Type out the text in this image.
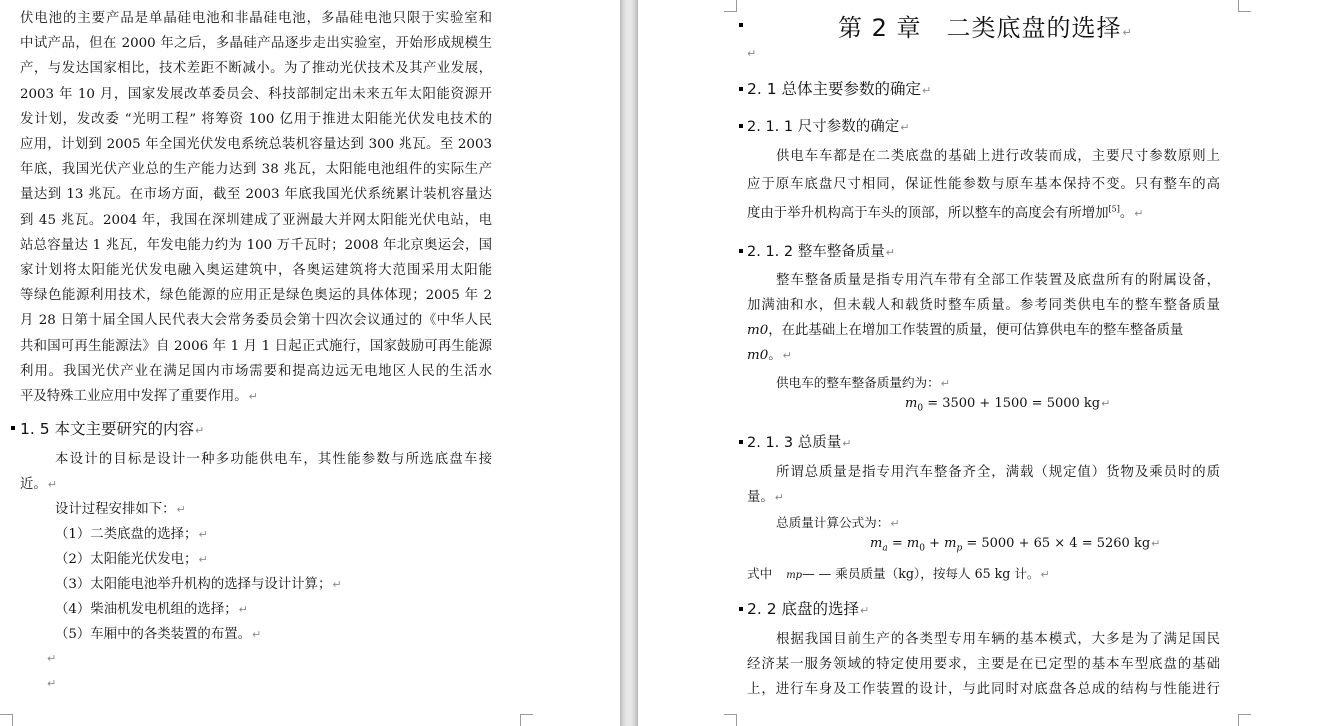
伏电池的主要产品是单晶硅电池和非晶硅电池，多晶硅电池只限于实验室和
中试产品，但在 2000 年之后，多晶硅产品逐步走出实验室，开始形成规模生
产，与发达国家相比，技术差距不断减小。为了推动光伏技术及其产业发展，
2003 年 10 月，国家发展改革委员会、科技部制定出未来五年太阳能资源开
发计划，发改委 “光明工程” 将筹资 100 亿用于推进太阳能光伏发电技术的
应用，计划到 2005 年全国光伏发电系统总装机容量达到 300 兆瓦。至 2003
年底，我国光伏产业总的生产能力达到 38 兆瓦，太阳能电池组件的实际生产
量达到 13 兆瓦。在市场方面，截至 2003 年底我国光伏系统累计装机容量达
到 45 兆瓦。2004 年，我国在深圳建成了亚洲最大并网太阳能光伏电站，电
站总容量达 1 兆瓦，年发电能力约为 100 万千瓦时；2008 年北京奥运会，国
家计划将太阳能光伏发电融入奥运建筑中，各奥运建筑将大范围采用太阳能
等绿色能源利用技术，绿色能源的应用正是绿色奥运的具体体现；2005 年 2
月 28 日第十届全国人民代表大会常务委员会第十四次会议通过的《中华人民
共和国可再生能源法》自 2006 年 1 月 1 日起正式施行，国家鼓励可再生能源
利用。我国光伏产业在满足国内市场需要和提高边远无电地区人民的生活水
平及特殊工业应用中发挥了重要作用。↵
1. 5 本文主要研究的内容↵
本设计的目标是设计一种多功能供电车，其性能参数与所选底盘车接
近。↵
设计过程安排如下：↵
（1）二类底盘的选择；↵
（2）太阳能光伏发电；↵
（3）太阳能电池举升机构的选择与设计计算；↵
（4）柴油机发电机组的选择；↵
（5）车厢中的各类装置的布置。↵
↵
↵
第 2 章　二类底盘的选择↵
↵
2. 1 总体主要参数的确定↵
2. 1. 1 尺寸参数的确定↵
供电车车都是在二类底盘的基础上进行改装而成，主要尺寸参数原则上
应于原车底盘尺寸相同，保证性能参数与原车基本保持不变。只有整车的高
度由于举升机构高于车头的顶部，所以整车的高度会有所增加[5]。↵
2. 1. 2 整车整备质量↵
整车整备质量是指专用汽车带有全部工作装置及底盘所有的附属设备，
加满油和水，但未载人和载货时整车质量。参考同类供电车的整车整备质量
m0，在此基础上在增加工作装置的质量，便可估算供电车的整车整备质量
m0。↵
供电车的整车整备质量约为：↵
$m_0 = 3500 + 1500 = 5000$ kg↵
2. 1. 3 总质量↵
所谓总质量是指专用汽车整备齐全，满载（规定值）货物及乘员时的质
量。↵
总质量计算公式为：↵
$m_a = m_0 + m_p = 5000 + 65 \times 4 = 5260$ kg↵
式中 mp— — 乘员质量（kg），按每人 65 kg 计。↵
2. 2 底盘的选择↵
根据我国目前生产的各类型专用车辆的基本模式，大多是为了满足国民
经济某一服务领域的特定使用要求，主要是在已定型的基本车型底盘的基础
上，进行车身及工作装置的设计，与此同时对底盘各总成的结构与性能进行
